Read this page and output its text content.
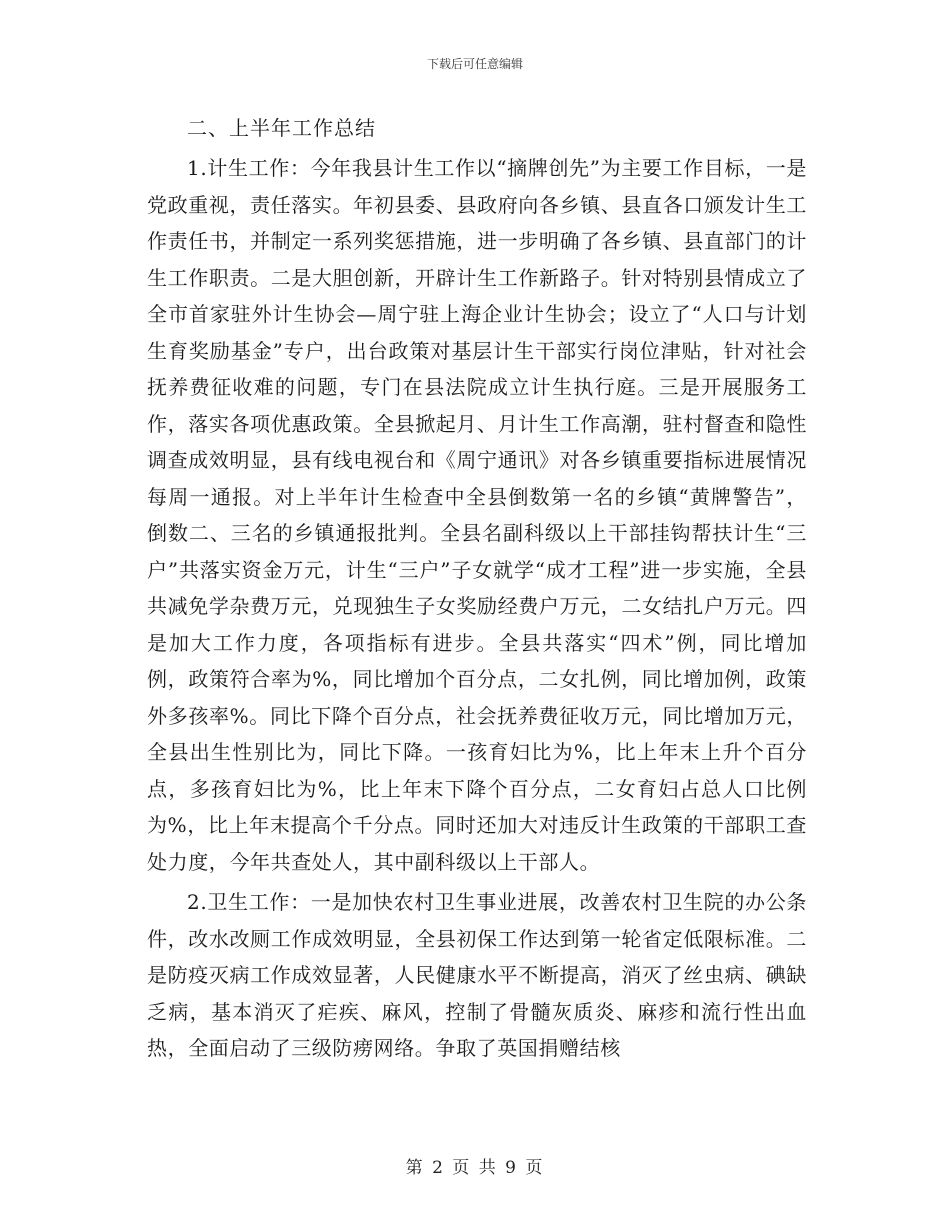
下载后可任意编辑
二、上半年工作总结

1.计生工作：今年我县计生工作以“摘牌创先”为主要工作目标，一是党政重视，责任落实。年初县委、县政府向各乡镇、县直各口颁发计生工作责任书，并制定一系列奖惩措施，进一步明确了各乡镇、县直部门的计生工作职责。二是大胆创新，开辟计生工作新路子。针对特别县情成立了全市首家驻外计生协会—周宁驻上海企业计生协会；设立了“人口与计划生育奖励基金”专户，出台政策对基层计生干部实行岗位津贴，针对社会抚养费征收难的问题，专门在县法院成立计生执行庭。三是开展服务工作，落实各项优惠政策。全县掀起月、月计生工作高潮，驻村督查和隐性调查成效明显，县有线电视台和《周宁通讯》对各乡镇重要指标进展情况每周一通报。对上半年计生检查中全县倒数第一名的乡镇“黄牌警告”，倒数二、三名的乡镇通报批判。全县名副科级以上干部挂钩帮扶计生“三户”共落实资金万元，计生“三户”子女就学“成才工程”进一步实施，全县共减免学杂费万元，兑现独生子女奖励经费户万元，二女结扎户万元。四是加大工作力度，各项指标有进步。全县共落实“四术”例，同比增加例，政策符合率为%，同比增加个百分点，二女扎例，同比增加例，政策外多孩率%。同比下降个百分点，社会抚养费征收万元，同比增加万元，全县出生性别比为，同比下降。一孩育妇比为%，比上年末上升个百分点，多孩育妇比为%，比上年末下降个百分点，二女育妇占总人口比例为%，比上年末提高个千分点。同时还加大对违反计生政策的干部职工查处力度，今年共查处人，其中副科级以上干部人。

2.卫生工作：一是加快农村卫生事业进展，改善农村卫生院的办公条件，改水改厕工作成效明显，全县初保工作达到第一轮省定低限标准。二是防疫灭病工作成效显著，人民健康水平不断提高，消灭了丝虫病、碘缺乏病，基本消灭了疟疾、麻风，控制了骨髓灰质炎、麻疹和流行性出血热，全面启动了三级防痨网络。争取了英国捐赠结核

第 2 页 共 9 页
